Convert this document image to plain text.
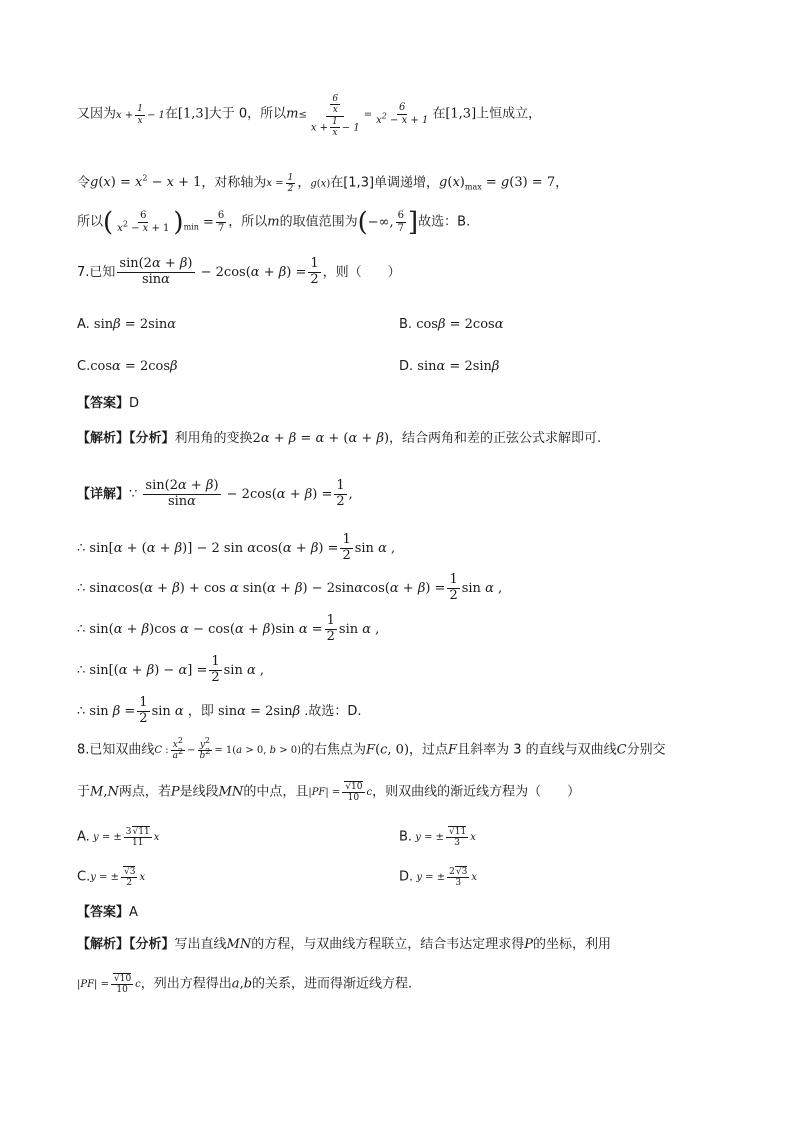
又因为$x + \frac{1}{x} - 1$在[1,3]大于 0，所以$m\le \frac{\frac{6}{x}}{x + \frac{1}{x} - 1} = \frac{6}{x^2 - x + 1}$ 在[1,3]上恒成立，
令$g(x) = x^2 - x + 1$，对称轴为$x = \frac{1}{2}$ ，g(x)在[1,3]单调递增，$g(x)_{max} = g(3) = 7$，
所以( $\frac{6}{x^2 - x + 1} )_{min} = \frac{6}{7}$ ，所以m的取值范围为(−∞, $\frac{6}{7}$ ]故选：B.
7.已知 $\frac{\sin(2\alpha + \beta)}{\sin\alpha} - 2\cos(\alpha + \beta) = \frac{1}{2}$ ，则（　　）
A. sinβ = 2sinα	B. cosβ = 2cosα
C.cosα = 2cosβ	D. sinα = 2sinβ
【答案】D
【解析】【分析】利用角的变换2α + β = α + (α + β)，结合两角和差的正弦公式求解即可.
【详解】∵ $\frac{\sin(2\alpha + \beta)}{\sin\alpha} - 2\cos(\alpha + \beta) = \frac{1}{2}$ ,
∴ sin[α + (α + β)] − 2 $\sin \alpha\cos(\alpha + \beta) = \frac{1}{2}$ sin α ,
∴ sinαcos(α + β) + cos α $\sin(\alpha + \beta) - 2\sin\alpha\cos(\alpha + \beta) = \frac{1}{2}$ sin α ,
∴ sin(α + β)cos α − cos(α + β)sin $\alpha = \frac{1}{2}$ sin α ,
∴ $\sin[(\alpha + \beta) - \alpha] = \frac{1}{2}$ sin α ,
∴ $\sin \beta = \frac{1}{2}$ sin α ，即 sinα = 2sinβ .故选：D.
8.已知双曲线C : $\frac{x^2}{a^2} - \frac{y^2}{b^2} = 1(a > 0$, b > 0)的右焦点为F(c, 0)，过点F且斜率为 3 的直线与双曲线C分别交
于M,N两点，若P是线段MN的中点，且$|PF| = \frac{√10}{10}$ c，则双曲线的渐近线方程为（　　）
A. y = ± $\frac{3√11}{11}$ x	B. y = ± $\frac{√11}{3}$ x
C.y = ± $\frac{√3}{2}$ x	D. y = ± $\frac{2√3}{3}$ x
【答案】A
【解析】【分析】写出直线MN的方程，与双曲线方程联立，结合韦达定理求得P的坐标，利用
$|PF| = \frac{√10}{10}$ c，列出方程得出a,b的关系，进而得渐近线方程.
